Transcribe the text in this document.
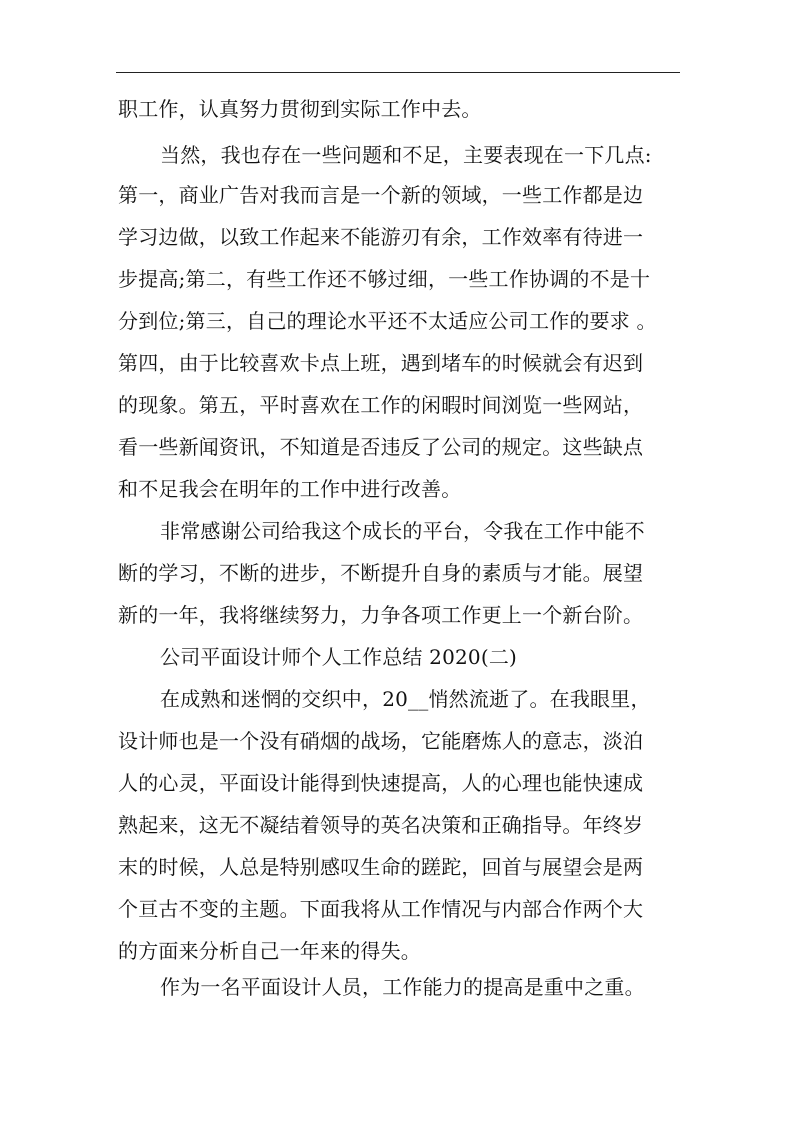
职工作，认真努力贯彻到实际工作中去。
当然，我也存在一些问题和不足，主要表现在一下几点:
第一，商业广告对我而言是一个新的领域，一些工作都是边
学习边做，以致工作起来不能游刃有余，工作效率有待进一
步提高;第二，有些工作还不够过细，一些工作协调的不是十
分到位;第三，自己的理论水平还不太适应公司工作的要求 。
第四，由于比较喜欢卡点上班，遇到堵车的时候就会有迟到
的现象。第五，平时喜欢在工作的闲暇时间浏览一些网站，
看一些新闻资讯，不知道是否违反了公司的规定。这些缺点
和不足我会在明年的工作中进行改善。
非常感谢公司给我这个成长的平台，令我在工作中能不
断的学习，不断的进步，不断提升自身的素质与才能。展望
新的一年，我将继续努力，力争各项工作更上一个新台阶。
公司平面设计师个人工作总结 2020(二)
在成熟和迷惘的交织中，20__悄然流逝了。在我眼里，
设计师也是一个没有硝烟的战场，它能磨炼人的意志，淡泊
人的心灵，平面设计能得到快速提高，人的心理也能快速成
熟起来，这无不凝结着领导的英名决策和正确指导。年终岁
末的时候，人总是特别感叹生命的蹉跎，回首与展望会是两
个亘古不变的主题。下面我将从工作情况与内部合作两个大
的方面来分析自己一年来的得失。
作为一名平面设计人员，工作能力的提高是重中之重。
